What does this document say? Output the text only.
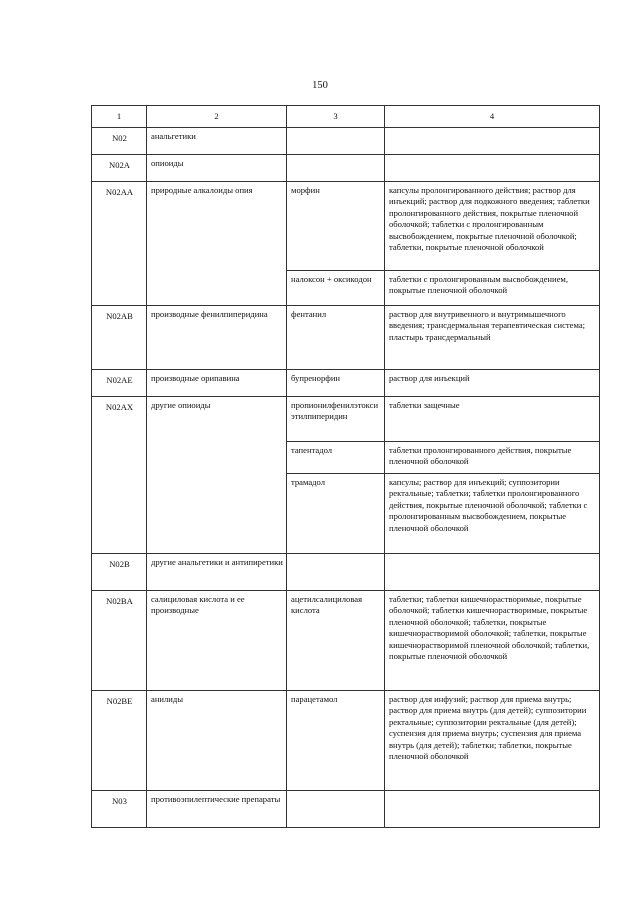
150
1	2	3	4
N02	анальгетики		
N02A	опиоиды		
N02AA	природные алкалоиды опия	морфин	капсулы пролонгированного действия; раствор для инъекций; раствор для подкожного введения; таблетки пролонгированного действия, покрытые пленочной оболочкой; таблетки с пролонгированным высвобождением, покрытые пленочной оболочкой; таблетки, покрытые пленочной оболочкой
		налоксон + оксикодон	таблетки с пролонгированным высвобождением, покрытые пленочной оболочкой
N02AB	производные фенилпиперидина	фентанил	раствор для внутривенного и внутримышечного введения; трансдермальная терапевтическая система; пластырь трансдермальный
N02AE	производные орипавина	бупренорфин	раствор для инъекций
N02AX	другие опиоиды	пропионилфенилэтоксиэтилпиперидин	таблетки защечные
		тапентадол	таблетки пролонгированного действия, покрытые пленочной оболочкой
		трамадол	капсулы; раствор для инъекций; суппозитории ректальные; таблетки; таблетки пролонгированного действия, покрытые пленочной оболочкой; таблетки с пролонгированным высвобождением, покрытые пленочной оболочкой
N02B	другие анальгетики и антипиретики		
N02BA	салициловая кислота и ее производные	ацетилсалициловая кислота	таблетки; таблетки кишечнорастворимые, покрытые оболочкой; таблетки кишечнорастворимые, покрытые пленочной оболочкой; таблетки, покрытые кишечнорастворимой оболочкой; таблетки, покрытые кишечнорастворимой пленочной оболочкой; таблетки, покрытые пленочной оболочкой
N02BE	анилиды	парацетамол	раствор для инфузий; раствор для приема внутрь; раствор для приема внутрь (для детей); суппозитории ректальные; суппозитории ректальные (для детей); суспензия для приема внутрь; суспензия для приема внутрь (для детей); таблетки; таблетки, покрытые пленочной оболочкой
N03	противоэпилептические препараты		
